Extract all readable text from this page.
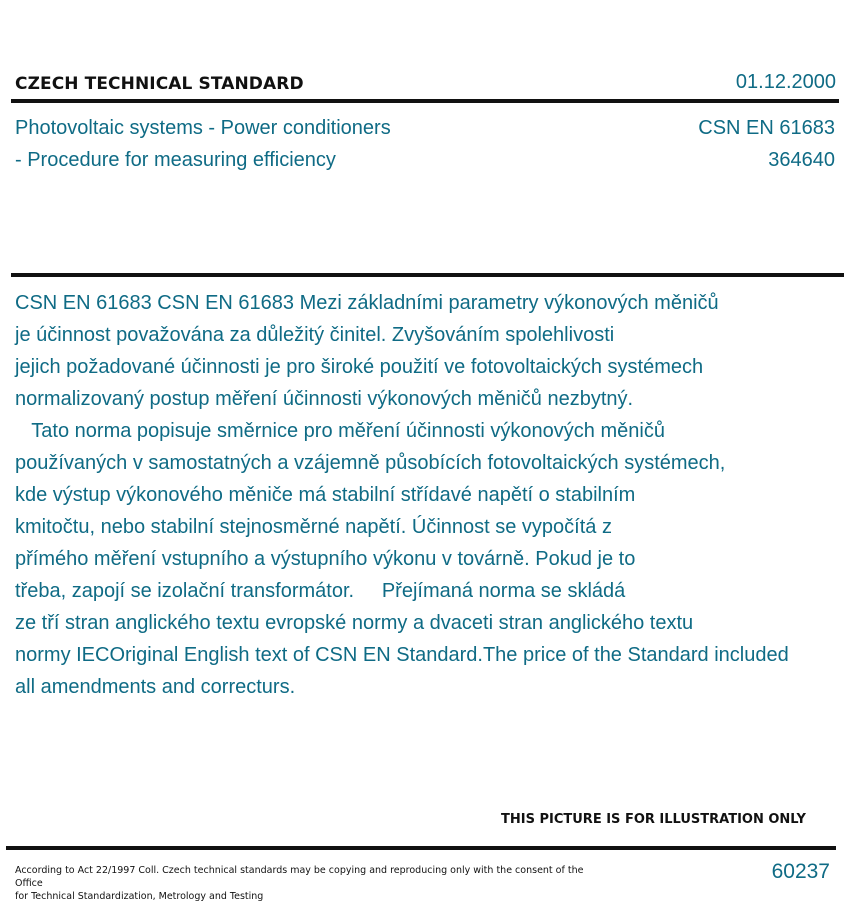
CZECH TECHNICAL STANDARD	01.12.2000
Photovoltaic systems - Power conditioners
- Procedure for measuring efficiency
CSN EN 61683
364640
CSN EN 61683 CSN EN 61683 Mezi základními parametry výkonových měničů
je účinnost považována za důležitý činitel. Zvyšováním spolehlivosti
jejich požadované účinnosti je pro široké použití ve fotovoltaických systémech
normalizovaný postup měření účinnosti výkonových měničů nezbytný.
Tato norma popisuje směrnice pro měření účinnosti výkonových měničů
používaných v samostatných a vzájemně působících fotovoltaických systémech,
kde výstup výkonového měniče má stabilní střídavé napětí o stabilním
kmitočtu, nebo stabilní stejnosměrné napětí. Účinnost se vypočítá z
přímého měření vstupního a výstupního výkonu v továrně. Pokud je to
třeba, zapojí se izolační transformátor.     Přejímaná norma se skládá
ze tří stran anglického textu evropské normy a dvaceti stran anglického textu
normy IECOriginal English text of CSN EN Standard.The price of the Standard included
all amendments and correcturs.
THIS PICTURE IS FOR ILLUSTRATION ONLY
According to Act 22/1997 Coll. Czech technical standards may be copying and reproducing only with the consent of the Office
for Technical Standardization, Metrology and Testing
60237
